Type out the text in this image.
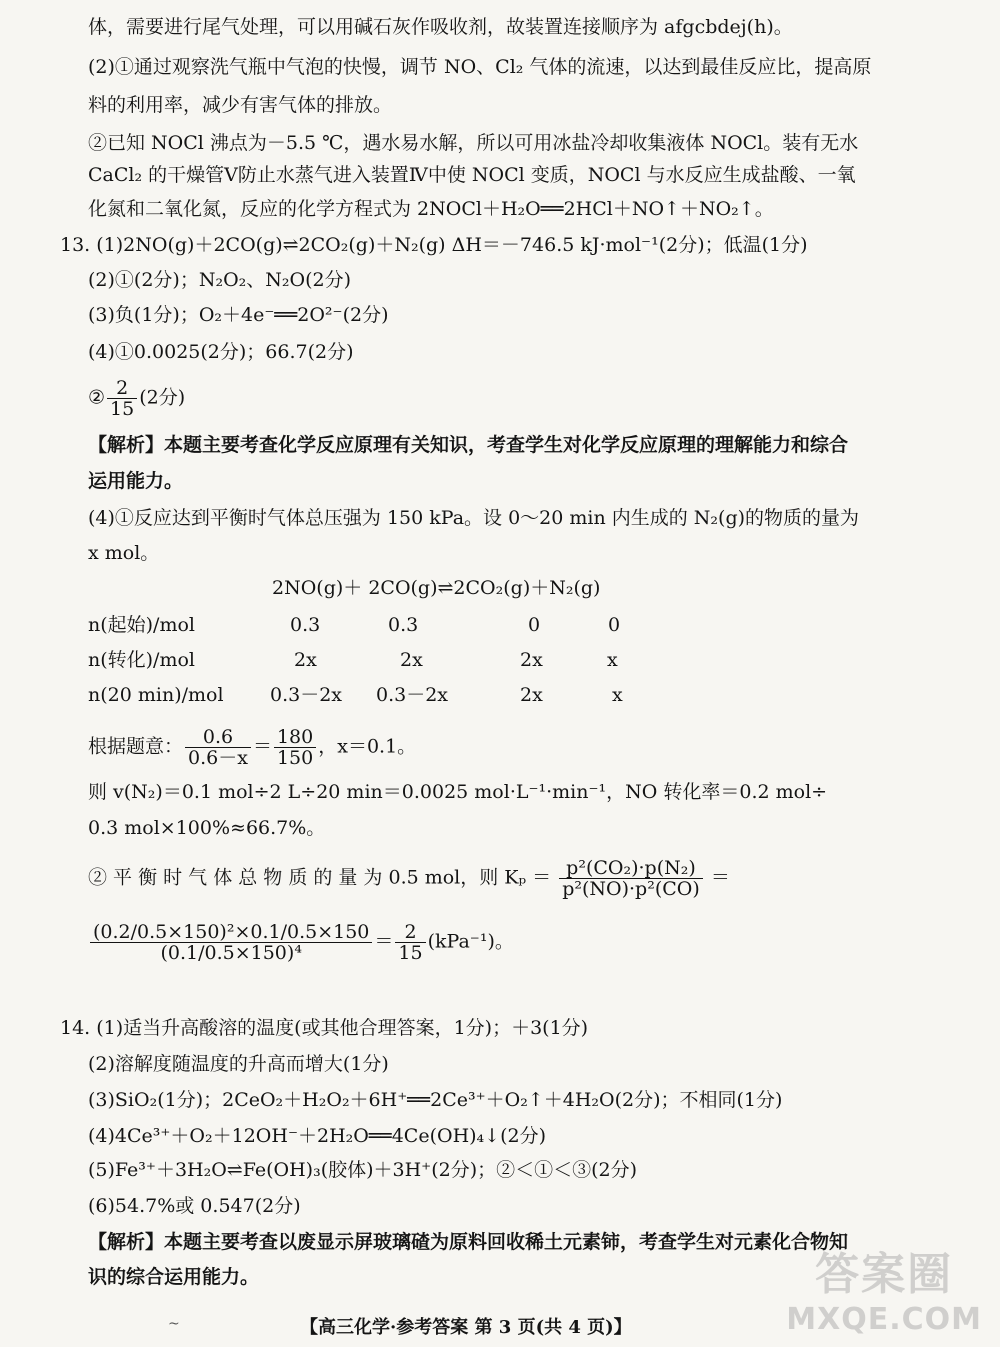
体，需要进行尾气处理，可以用碱石灰作吸收剂，故装置连接顺序为 afgcbdej(h)。
(2)①通过观察洗气瓶中气泡的快慢，调节 NO、Cl₂ 气体的流速，以达到最佳反应比，提高原
料的利用率，减少有害气体的排放。
②已知 NOCl 沸点为－5.5 ℃，遇水易水解，所以可用冰盐冷却收集液体 NOCl。装有无水
CaCl₂ 的干燥管Ⅴ防止水蒸气进入装置Ⅳ中使 NOCl 变质，NOCl 与水反应生成盐酸、一氧
化氮和二氧化氮，反应的化学方程式为 2NOCl＋H₂O══2HCl＋NO↑＋NO₂↑。
13. (1)2NO(g)＋2CO(g)⇌2CO₂(g)＋N₂(g) ΔH＝－746.5 kJ·mol⁻¹(2分)；低温(1分)
(2)①(2分)；N₂O₂、N₂O(2分)
(3)负(1分)；O₂＋4e⁻══2O²⁻(2分)
(4)①0.0025(2分)；66.7(2分)
② $\frac{2}{15} (2$分)
【解析】本题主要考查化学反应原理有关知识，考查学生对化学反应原理的理解能力和综合
运用能力。
(4)①反应达到平衡时气体总压强为 150 kPa。设 0～20 min 内生成的 N₂(g)的物质的量为
x mol。
2NO(g)＋ 2CO(g)⇌2CO₂(g)＋N₂(g)
n(起始)/mol	0.3	0.3	0	0
n(转化)/mol	2x	2x	2x	x
n(20 min)/mol 0.3－2x 0.3－2x	2x	x
根据题意： $\frac{0.6}{0.6-x} = \frac{180}{150}$ ，x＝0.1。
则 v(N₂)＝0.1 mol÷2 L÷20 min＝0.0025 mol·L⁻¹·min⁻¹，NO 转化率＝0.2 mol÷
0.3 mol×100%≈66.7%。
② 平 衡 时 气 体 总 物 质 的 量 为 0.5 mol，则 $K_p = \frac{\text{p²(CO₂)·p(N₂)}}{\text{p²(NO)·p²(CO)}}$ ＝
$\frac{\text{(0.2/0.5×150)²×0.1/0.5×150}}{\text{(0.1/0.5×150)⁴}} = \frac{2}{15} (kPa^{-1})$。
14. (1)适当升高酸溶的温度(或其他合理答案，1分)；＋3(1分)
(2)溶解度随温度的升高而增大(1分)
(3)SiO₂(1分)；2CeO₂＋H₂O₂＋6H⁺══2Ce³⁺＋O₂↑＋4H₂O(2分)；不相同(1分)
(4)4Ce³⁺＋O₂＋12OH⁻＋2H₂O══4Ce(OH)₄↓(2分)
(5)Fe³⁺＋3H₂O⇌Fe(OH)₃(胶体)＋3H⁺(2分)；②＜①＜③(2分)
(6)54.7%或 0.547(2分)
【解析】本题主要考查以废显示屏玻璃碴为原料回收稀土元素铈，考查学生对元素化合物知
识的综合运用能力。
~	【高三化学·参考答案 第 3 页(共 4 页)】
答案圈
MXQE.COM
